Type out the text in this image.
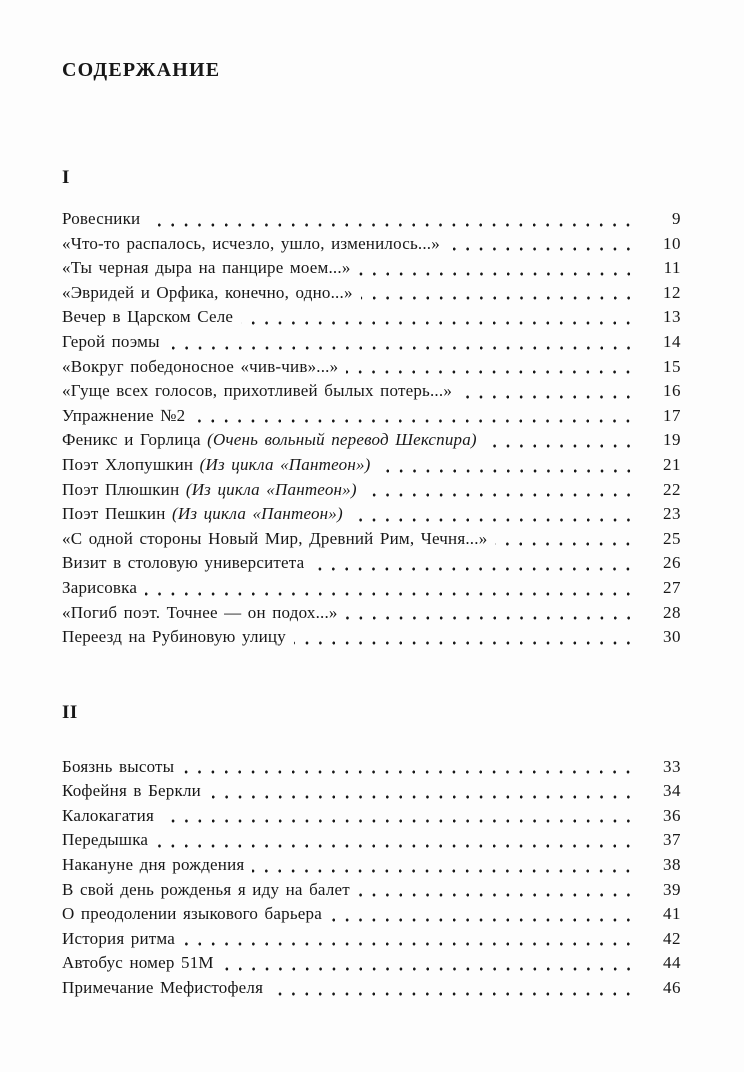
СОДЕРЖАНИЕ
I
Ровесники	9
«Что-то распалось, исчезло, ушло, изменилось...»	10
«Ты черная дыра на панцире моем...»	11
«Эвридей и Орфика, конечно, одно...»	12
Вечер в Царском Селе	13
Герой поэмы	14
«Вокруг победоносное «чив-чив»...»	15
«Гуще всех голосов, прихотливей былых потерь...»	16
Упражнение №2	17
Феникс и Горлица (Очень вольный перевод Шекспира)	19
Поэт Хлопушкин (Из цикла «Пантеон»)	21
Поэт Плюшкин (Из цикла «Пантеон»)	22
Поэт Пешкин (Из цикла «Пантеон»)	23
«С одной стороны Новый Мир, Древний Рим, Чечня...»	25
Визит в столовую университета	26
Зарисовка	27
«Погиб поэт. Точнее — он подох...»	28
Переезд на Рубиновую улицу	30
II
Боязнь высоты	33
Кофейня в Беркли	34
Калокагатия	36
Передышка	37
Накануне дня рождения	38
В свой день рожденья я иду на балет	39
О преодолении языкового барьера	41
История ритма	42
Автобус номер 51М	44
Примечание Мефистофеля	46
